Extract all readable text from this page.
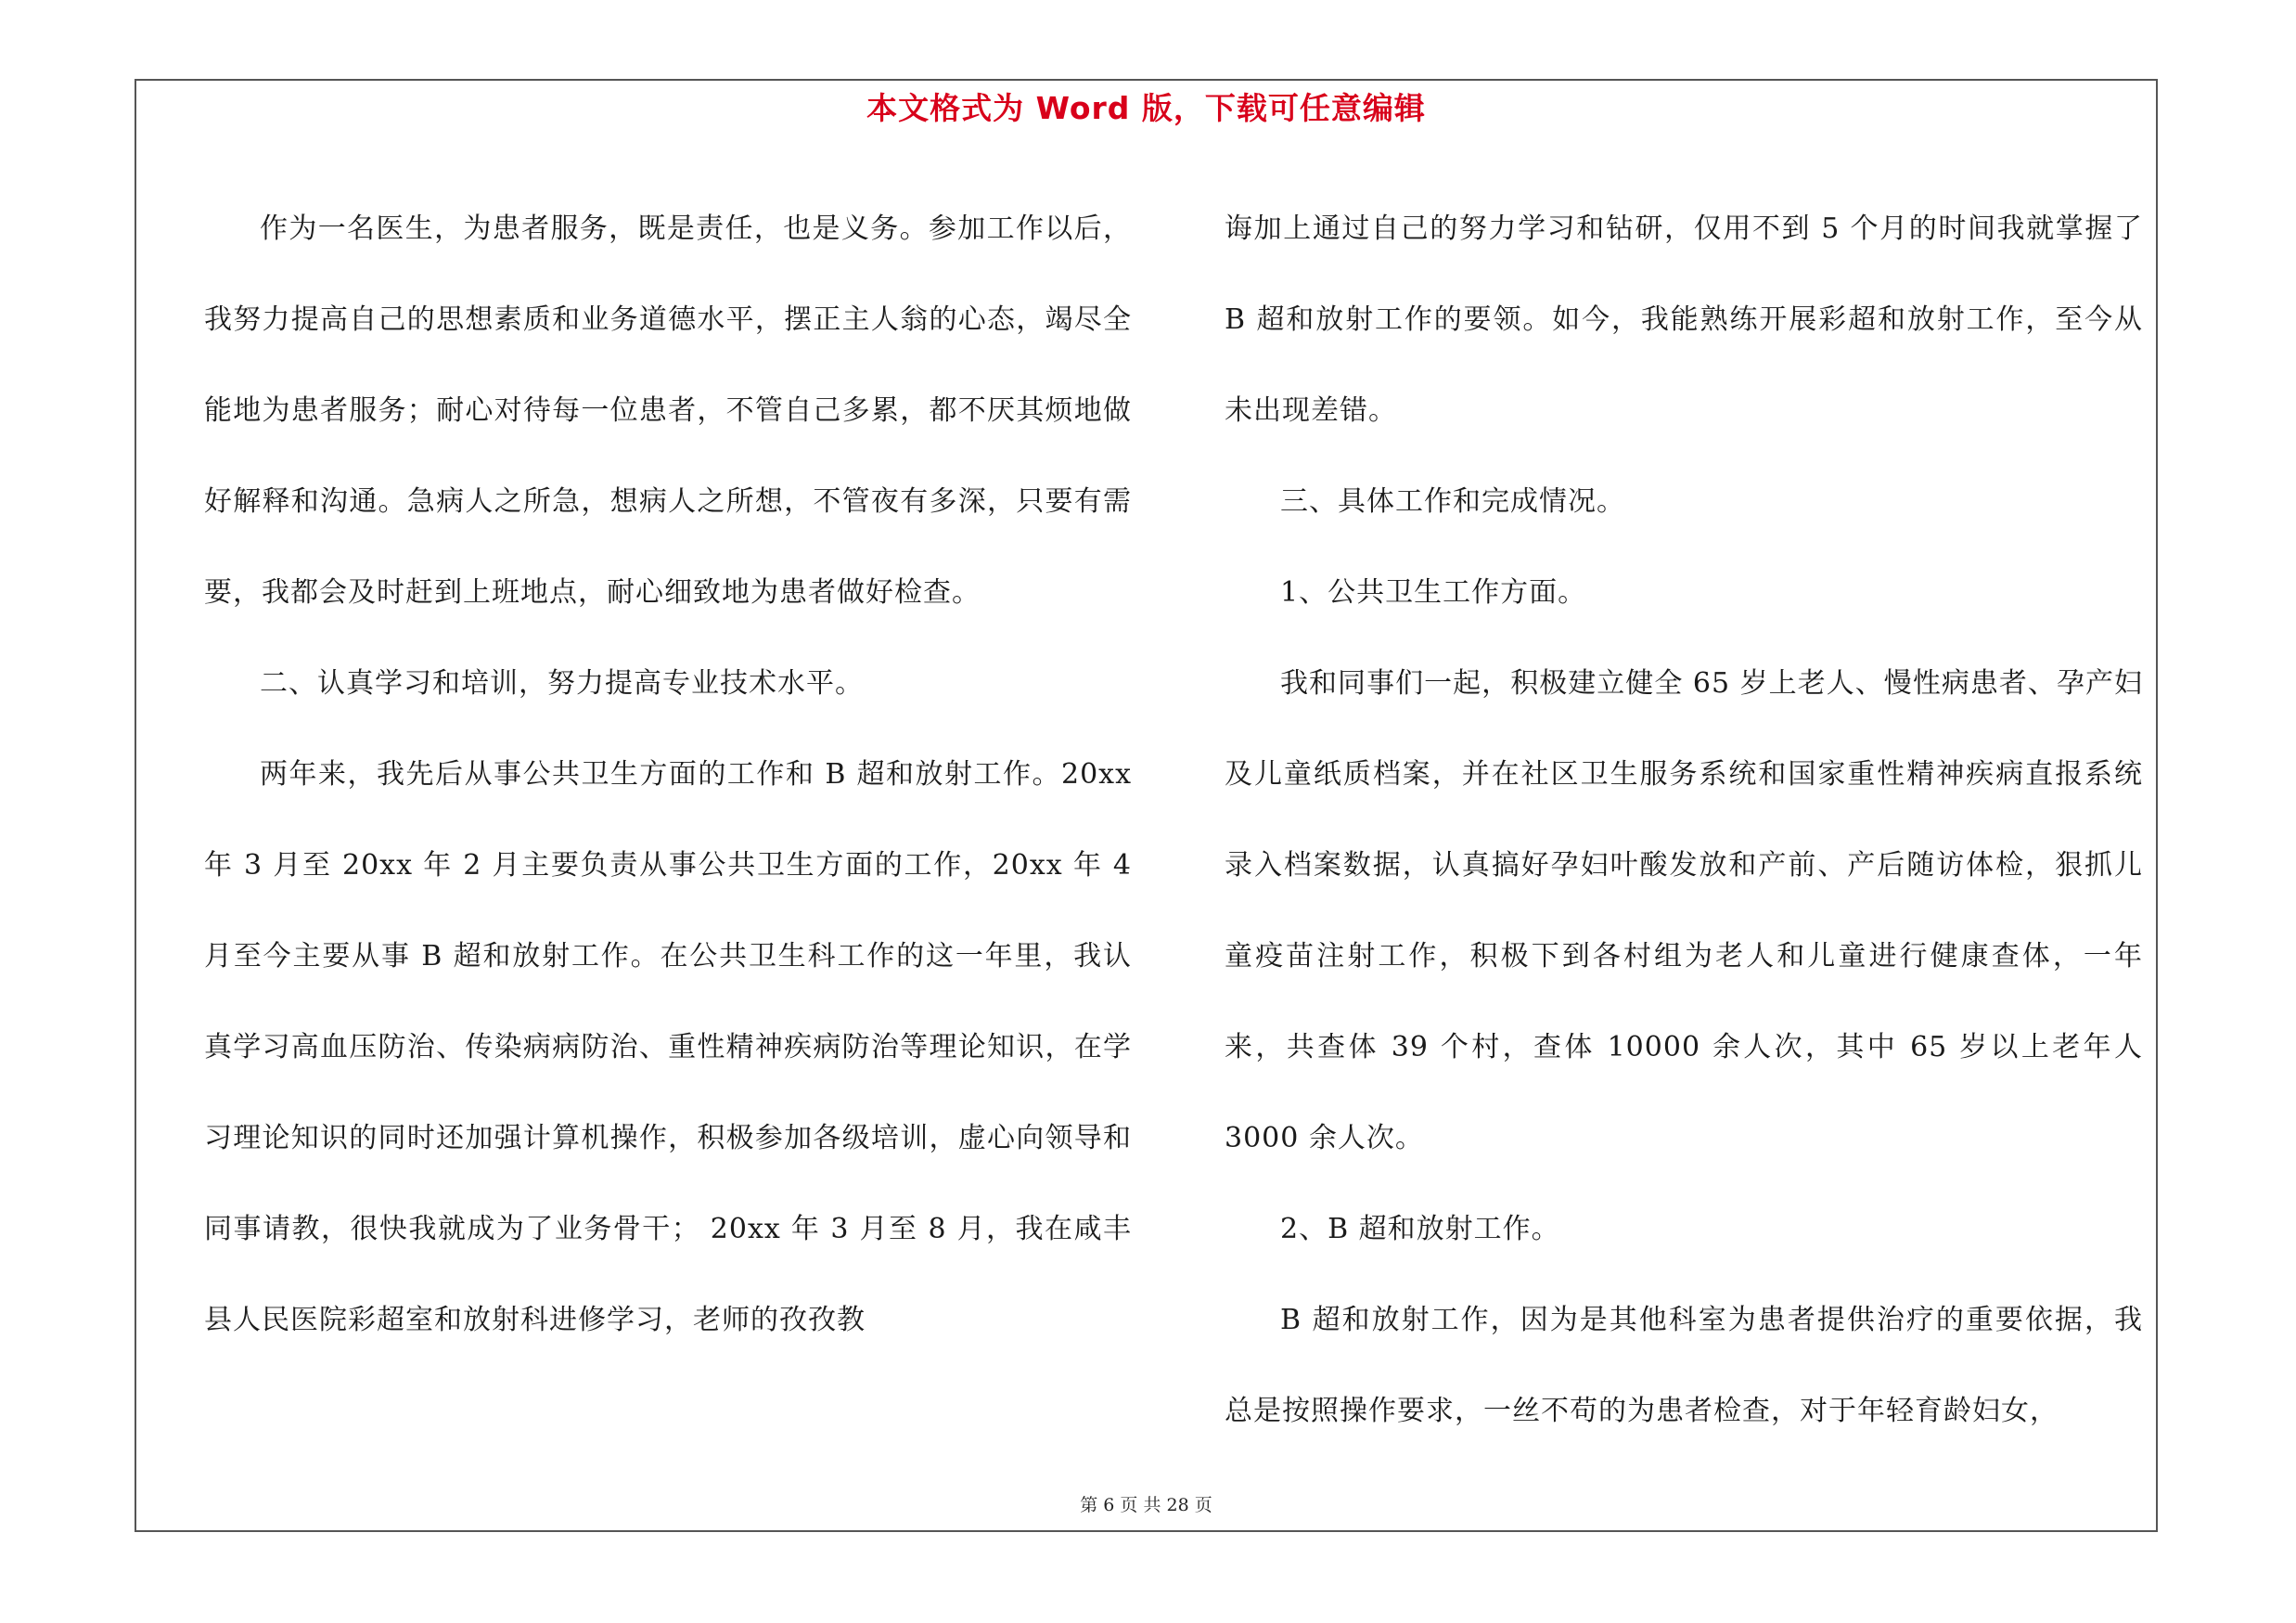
本文格式为 Word 版，下载可任意编辑

作为一名医生，为患者服务，既是责任，也是义务。参加工作以后，我努力提高自己的思想素质和业务道德水平，摆正主人翁的心态，竭尽全能地为患者服务；耐心对待每一位患者，不管自己多累，都不厌其烦地做好解释和沟通。急病人之所急，想病人之所想，不管夜有多深，只要有需要，我都会及时赶到上班地点，耐心细致地为患者做好检查。

二、认真学习和培训，努力提高专业技术水平。

两年来，我先后从事公共卫生方面的工作和 B 超和放射工作。20xx 年 3 月至 20xx 年 2 月主要负责从事公共卫生方面的工作，20xx 年 4 月至今主要从事 B 超和放射工作。在公共卫生科工作的这一年里，我认真学习高血压防治、传染病病防治、重性精神疾病防治等理论知识，在学习理论知识的同时还加强计算机操作，积极参加各级培训，虚心向领导和同事请教，很快我就成为了业务骨干； 20xx 年 3 月至 8 月，我在咸丰县人民医院彩超室和放射科进修学习，老师的孜孜教

诲加上通过自己的努力学习和钻研，仅用不到 5 个月的时间我就掌握了 B 超和放射工作的要领。如今，我能熟练开展彩超和放射工作，至今从未出现差错。

三、具体工作和完成情况。

1、公共卫生工作方面。

我和同事们一起，积极建立健全 65 岁上老人、慢性病患者、孕产妇及儿童纸质档案，并在社区卫生服务系统和国家重性精神疾病直报系统录入档案数据，认真搞好孕妇叶酸发放和产前、产后随访体检，狠抓儿童疫苗注射工作，积极下到各村组为老人和儿童进行健康查体，一年来，共查体 39 个村，查体 10000 余人次，其中 65 岁以上老年人 3000 余人次。

2、B 超和放射工作。

B 超和放射工作，因为是其他科室为患者提供治疗的重要依据，我总是按照操作要求，一丝不苟的为患者检查，对于年轻育龄妇女，

第 6 页 共 28 页
